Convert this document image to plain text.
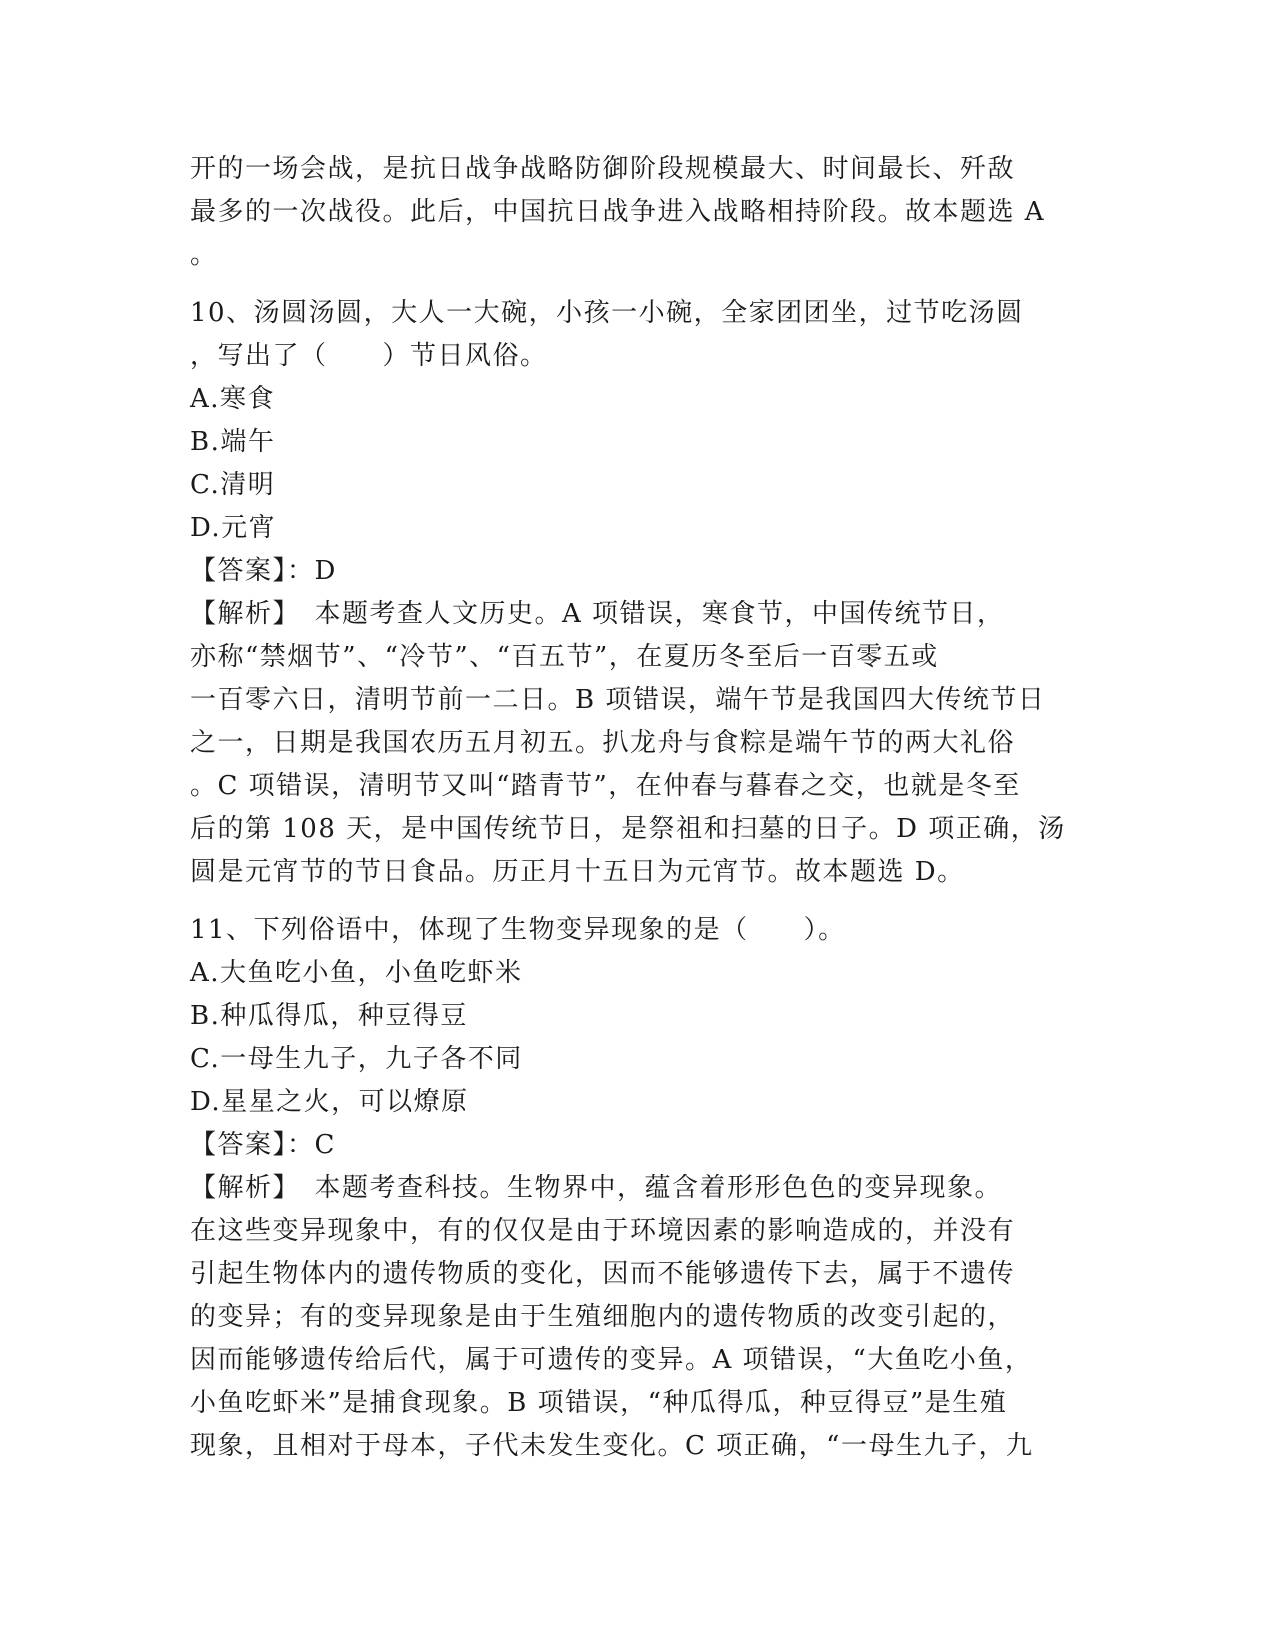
开的一场会战，是抗日战争战略防御阶段规模最大、时间最长、歼敌
最多的一次战役。此后，中国抗日战争进入战略相持阶段。故本题选 A
。
10、汤圆汤圆，大人一大碗，小孩一小碗，全家团团坐，过节吃汤圆
，写出了（　　）节日风俗。
A.寒食
B.端午
C.清明
D.元宵
【答案】：D
【解析】　本题考查人文历史。A 项错误，寒食节，中国传统节日，
亦称“禁烟节”、“冷节”、“百五节”，在夏历冬至后一百零五或
一百零六日，清明节前一二日。B 项错误，端午节是我国四大传统节日
之一，日期是我国农历五月初五。扒龙舟与食粽是端午节的两大礼俗
。C 项错误，清明节又叫“踏青节”，在仲春与暮春之交，也就是冬至
后的第 108 天，是中国传统节日，是祭祖和扫墓的日子。D 项正确，汤
圆是元宵节的节日食品。历正月十五日为元宵节。故本题选 D。
11、下列俗语中，体现了生物变异现象的是（　　）。
A.大鱼吃小鱼，小鱼吃虾米
B.种瓜得瓜，种豆得豆
C.一母生九子，九子各不同
D.星星之火，可以燎原
【答案】：C
【解析】　本题考查科技。生物界中，蕴含着形形色色的变异现象。
在这些变异现象中，有的仅仅是由于环境因素的影响造成的，并没有
引起生物体内的遗传物质的变化，因而不能够遗传下去，属于不遗传
的变异；有的变异现象是由于生殖细胞内的遗传物质的改变引起的，
因而能够遗传给后代，属于可遗传的变异。A 项错误，“大鱼吃小鱼，
小鱼吃虾米”是捕食现象。B 项错误，“种瓜得瓜，种豆得豆”是生殖
现象，且相对于母本，子代未发生变化。C 项正确，“一母生九子，九
